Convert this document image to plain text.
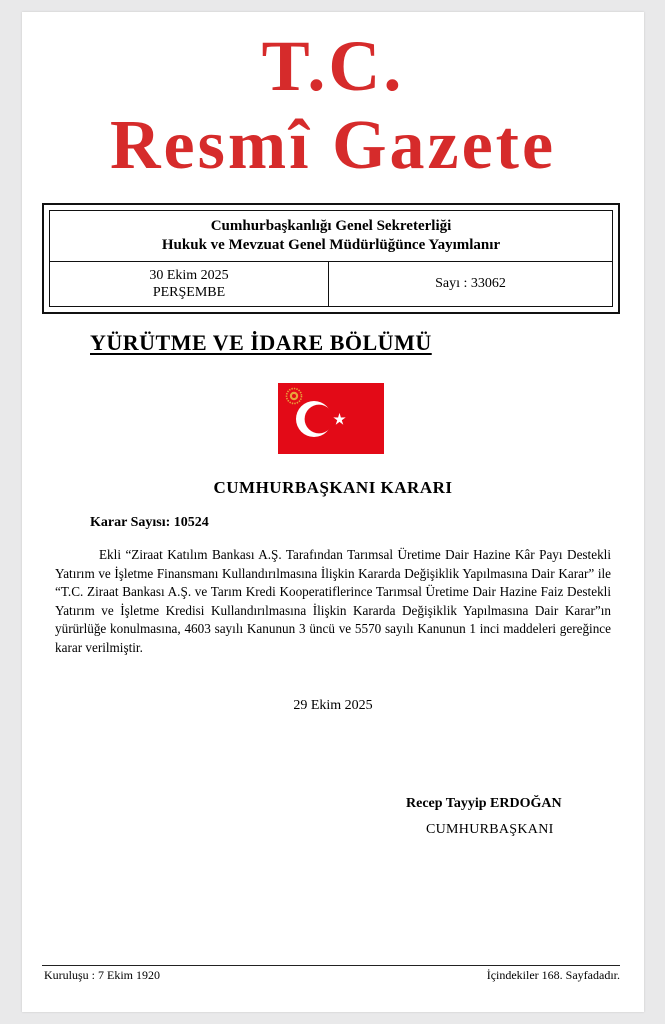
T.C.
Resmî Gazete
Cumhurbaşkanlığı Genel Sekreterliği
Hukuk ve Mevzuat Genel Müdürlüğünce Yayımlanır
30 Ekim 2025
PERŞEMBE
Sayı : 33062
YÜRÜTME VE İDARE BÖLÜMÜ
CUMHURBAŞKANI KARARI
Karar Sayısı: 10524
Ekli “Ziraat Katılım Bankası A.Ş. Tarafından Tarımsal Üretime Dair Hazine Kâr Payı Destekli Yatırım ve İşletme Finansmanı Kullandırılmasına İlişkin Kararda Değişiklik Yapılmasına Dair Karar” ile “T.C. Ziraat Bankası A.Ş. ve Tarım Kredi Kooperatiflerince Tarımsal Üretime Dair Hazine Faiz Destekli Yatırım ve İşletme Kredisi Kullandırılmasına İlişkin Kararda Değişiklik Yapılmasına Dair Karar”ın yürürlüğe konulmasına, 4603 sayılı Kanunun 3 üncü ve 5570 sayılı Kanunun 1 inci maddeleri gereğince karar verilmiştir.
29 Ekim 2025
Recep Tayyip ERDOĞAN
CUMHURBAŞKANI
Kuruluşu : 7 Ekim 1920	İçindekiler 168. Sayfadadır.
